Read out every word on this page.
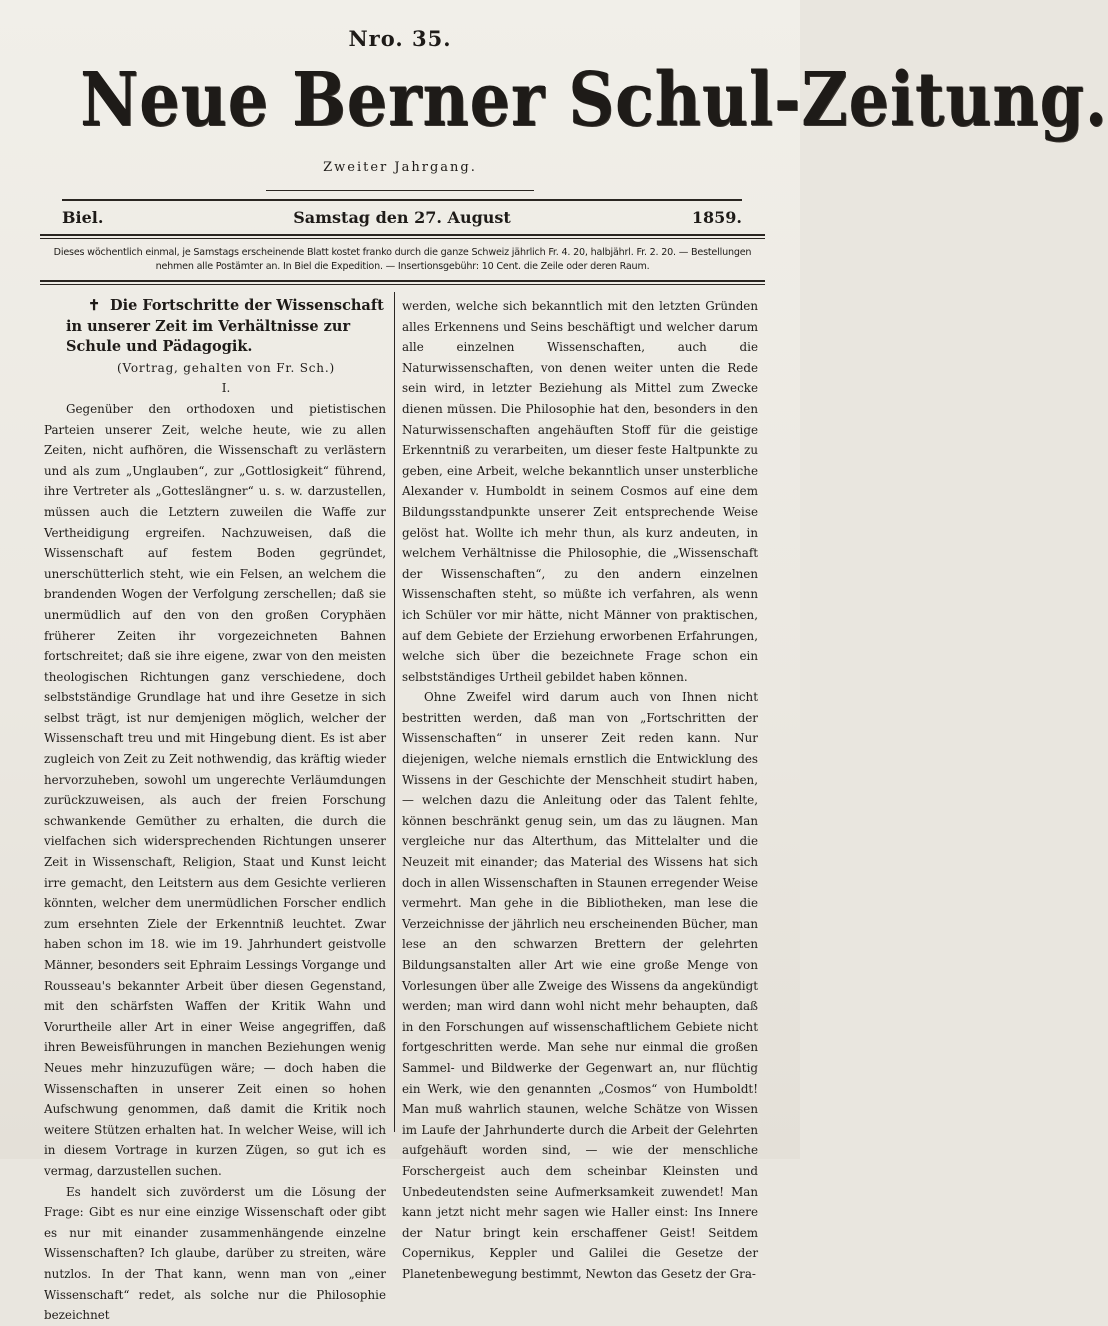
Nro. 35.
Neue Berner Schul-Zeitung.
Zweiter Jahrgang.
Biel.	Samstag den 27. August	1859.
Dieses wöchentlich einmal, je Samstags erscheinende Blatt kostet franko durch die ganze Schweiz jährlich Fr. 4. 20, halbjährl. Fr. 2. 20. — Bestellungen nehmen alle Postämter an. In Biel die Expedition. — Insertionsgebühr: 10 Cent. die Zeile oder deren Raum.

✝ Die Fortschritte der Wissenschaft in unserer Zeit im Verhältnisse zur Schule und Pädagogik.

(Vortrag, gehalten von Fr. Sch.)

I.

Gegenüber den orthodoxen und pietistischen Parteien unserer Zeit, welche heute, wie zu allen Zeiten, nicht aufhören, die Wissenschaft zu verlästern und als zum „Unglauben“, zur „Gottlosigkeit“ führend, ihre Vertreter als „Gotteslängner“ u. s. w. darzustellen, müssen auch die Letztern zuweilen die Waffe zur Vertheidigung ergreifen. Nachzuweisen, daß die Wissenschaft auf festem Boden gegründet, unerschütterlich steht, wie ein Felsen, an welchem die brandenden Wogen der Verfolgung zerschellen; daß sie unermüdlich auf den von den großen Coryphäen früherer Zeiten ihr vorgezeichneten Bahnen fortschreitet; daß sie ihre eigene, zwar von den meisten theologischen Richtungen ganz verschiedene, doch selbstständige Grundlage hat und ihre Gesetze in sich selbst trägt, ist nur demjenigen möglich, welcher der Wissenschaft treu und mit Hingebung dient. Es ist aber zugleich von Zeit zu Zeit nothwendig, das kräftig wieder hervorzuheben, sowohl um ungerechte Verläumdungen zurückzuweisen, als auch der freien Forschung schwankende Gemüther zu erhalten, die durch die vielfachen sich widersprechenden Richtungen unserer Zeit in Wissenschaft, Religion, Staat und Kunst leicht irre gemacht, den Leitstern aus dem Gesichte verlieren könnten, welcher dem unermüdlichen Forscher endlich zum ersehnten Ziele der Erkenntniß leuchtet. Zwar haben schon im 18. wie im 19. Jahrhundert geistvolle Männer, besonders seit Ephraim Lessings Vorgange und Rousseau's bekannter Arbeit über diesen Gegenstand, mit den schärfsten Waffen der Kritik Wahn und Vorurtheile aller Art in einer Weise angegriffen, daß ihren Beweisführungen in manchen Beziehungen wenig Neues mehr hinzuzufügen wäre; — doch haben die Wissenschaften in unserer Zeit einen so hohen Aufschwung genommen, daß damit die Kritik noch weitere Stützen erhalten hat. In welcher Weise, will ich in diesem Vortrage in kurzen Zügen, so gut ich es vermag, darzustellen suchen.

Es handelt sich zuvörderst um die Lösung der Frage: Gibt es nur eine einzige Wissenschaft oder gibt es nur mit einander zusammenhängende einzelne Wissenschaften? Ich glaube, darüber zu streiten, wäre nutzlos. In der That kann, wenn man von „einer Wissenschaft“ redet, als solche nur die Philosophie bezeichnet

werden, welche sich bekanntlich mit den letzten Gründen alles Erkennens und Seins beschäftigt und welcher darum alle einzelnen Wissenschaften, auch die Naturwissenschaften, von denen weiter unten die Rede sein wird, in letzter Beziehung als Mittel zum Zwecke dienen müssen. Die Philosophie hat den, besonders in den Naturwissenschaften angehäuften Stoff für die geistige Erkenntniß zu verarbeiten, um dieser feste Haltpunkte zu geben, eine Arbeit, welche bekanntlich unser unsterbliche Alexander v. Humboldt in seinem Cosmos auf eine dem Bildungsstandpunkte unserer Zeit entsprechende Weise gelöst hat. Wollte ich mehr thun, als kurz andeuten, in welchem Verhältnisse die Philosophie, die „Wissenschaft der Wissenschaften“, zu den andern einzelnen Wissenschaften steht, so müßte ich verfahren, als wenn ich Schüler vor mir hätte, nicht Männer von praktischen, auf dem Gebiete der Erziehung erworbenen Erfahrungen, welche sich über die bezeichnete Frage schon ein selbstständiges Urtheil gebildet haben können.

Ohne Zweifel wird darum auch von Ihnen nicht bestritten werden, daß man von „Fortschritten der Wissenschaften“ in unserer Zeit reden kann. Nur diejenigen, welche niemals ernstlich die Entwicklung des Wissens in der Geschichte der Menschheit studirt haben, — welchen dazu die Anleitung oder das Talent fehlte, können beschränkt genug sein, um das zu läugnen. Man vergleiche nur das Alterthum, das Mittelalter und die Neuzeit mit einander; das Material des Wissens hat sich doch in allen Wissenschaften in Staunen erregender Weise vermehrt. Man gehe in die Bibliotheken, man lese die Verzeichnisse der jährlich neu erscheinenden Bücher, man lese an den schwarzen Brettern der gelehrten Bildungsanstalten aller Art wie eine große Menge von Vorlesungen über alle Zweige des Wissens da angekündigt werden; man wird dann wohl nicht mehr behaupten, daß in den Forschungen auf wissenschaftlichem Gebiete nicht fortgeschritten werde. Man sehe nur einmal die großen Sammel- und Bildwerke der Gegenwart an, nur flüchtig ein Werk, wie den genannten „Cosmos“ von Humboldt! Man muß wahrlich staunen, welche Schätze von Wissen im Laufe der Jahrhunderte durch die Arbeit der Gelehrten aufgehäuft worden sind, — wie der menschliche Forschergeist auch dem scheinbar Kleinsten und Unbedeutendsten seine Aufmerksamkeit zuwendet! Man kann jetzt nicht mehr sagen wie Haller einst: Ins Innere der Natur bringt kein erschaffener Geist! Seitdem Copernikus, Keppler und Galilei die Gesetze der Planetenbewegung bestimmt, Newton das Gesetz der Gra-
